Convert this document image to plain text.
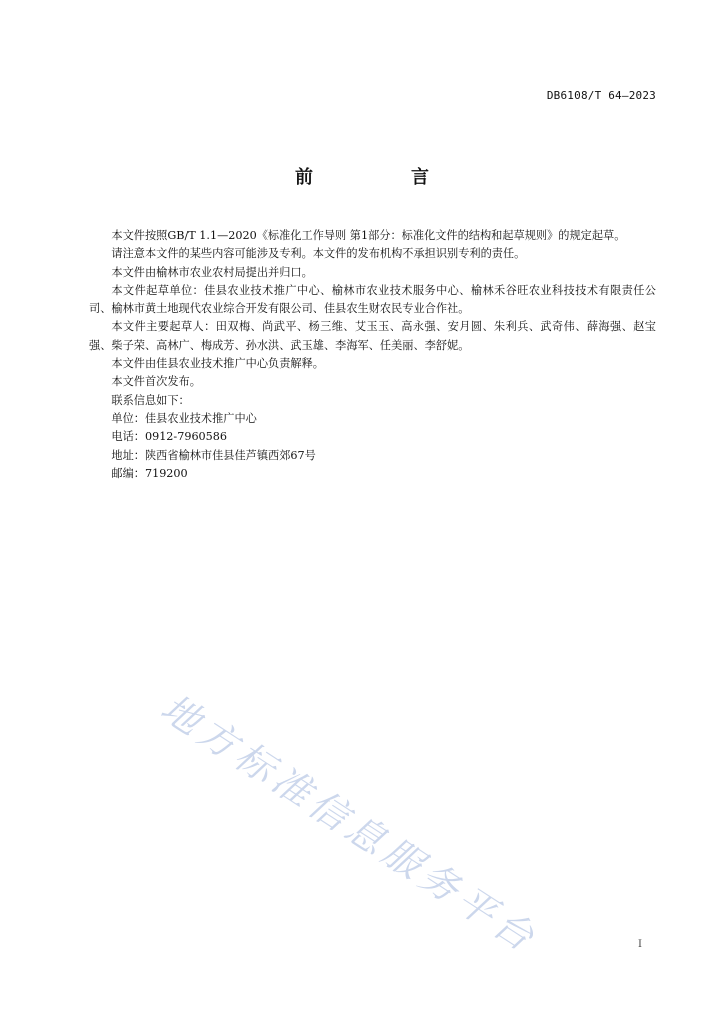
DB6108/T 64—2023
前　言

本文件按照GB/T 1.1—2020《标准化工作导则 第1部分：标准化文件的结构和起草规则》的规定起草。

请注意本文件的某些内容可能涉及专利。本文件的发布机构不承担识别专利的责任。

本文件由榆林市农业农村局提出并归口。

本文件起草单位：佳县农业技术推广中心、榆林市农业技术服务中心、榆林禾谷旺农业科技技术有限责任公司、榆林市黄土地现代农业综合开发有限公司、佳县农生财农民专业合作社。

本文件主要起草人：田双梅、尚武平、杨三维、艾玉玉、高永强、安月圆、朱利兵、武奇伟、薛海强、赵宝强、柴子荣、高林广、梅成芳、孙水洪、武玉雄、李海军、任美丽、李舒妮。

本文件由佳县农业技术推广中心负责解释。

本文件首次发布。

联系信息如下：

单位：佳县农业技术推广中心

电话：0912-7960586

地址：陕西省榆林市佳县佳芦镇西郊67号

邮编：719200

地方标准信息服务平台	I
